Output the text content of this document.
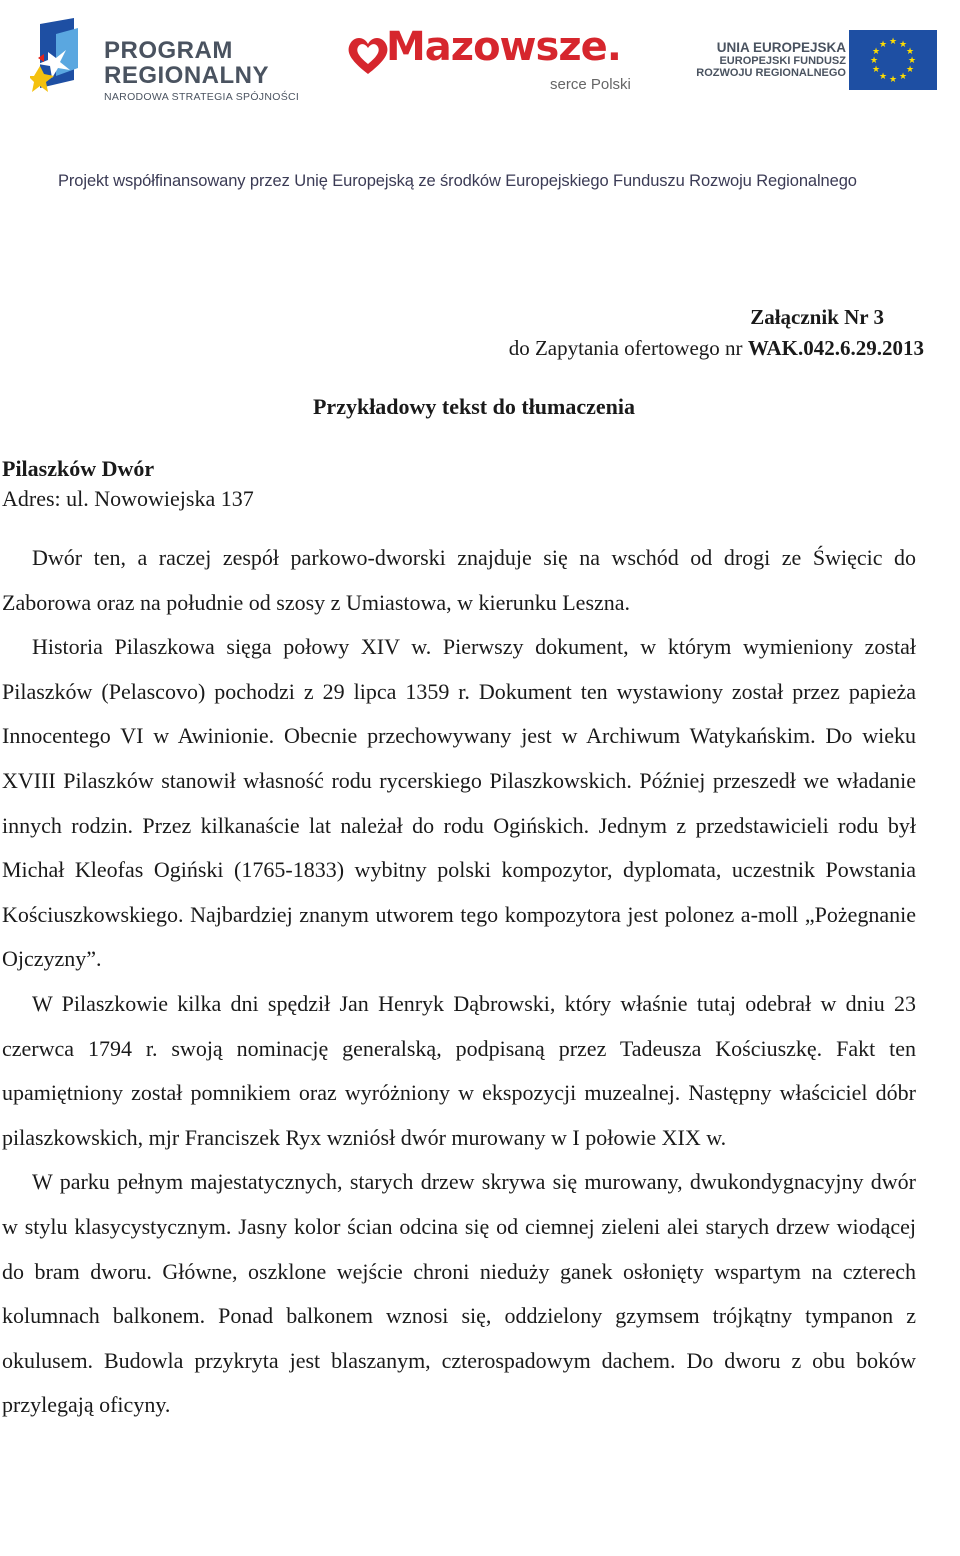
PROGRAM
REGIONALNY
NARODOWA STRATEGIA SPÓJNOŚCI
Mazowsze.
serce Polski
UNIA EUROPEJSKA
EUROPEJSKI FUNDUSZ
ROZWOJU REGIONALNEGO
★ ★
★
★
★
★
★
★
★
★
★
★
Projekt współfinansowany przez Unię Europejską ze środków Europejskiego Funduszu Rozwoju Regionalnego
Załącznik Nr 3
do Zapytania ofertowego nr WAK.042.6.29.2013
Przykładowy tekst do tłumaczenia
Pilaszków Dwór
Adres: ul. Nowowiejska 137

Dwór ten, a raczej zespół parkowo-dworski znajduje się na wschód od drogi ze Święcic do Zaborowa oraz na południe od szosy z Umiastowa, w kierunku Leszna.

Historia Pilaszkowa sięga połowy XIV w. Pierwszy dokument, w którym wymieniony został Pilaszków (Pelascovo) pochodzi z 29 lipca 1359 r. Dokument ten wystawiony został przez papieża Innocentego VI w Awinionie. Obecnie przechowywany jest w Archiwum Watykańskim. Do wieku XVIII Pilaszków stanowił własność rodu rycerskiego Pilaszkowskich. Później przeszedł we władanie innych rodzin. Przez kilkanaście lat należał do rodu Ogińskich. Jednym z przedstawicieli rodu był Michał Kleofas Ogiński (1765-1833) wybitny polski kompozytor, dyplomata, uczestnik Powstania Kościuszkowskiego. Najbardziej znanym utworem tego kompozytora jest polonez a-moll „Pożegnanie Ojczyzny”.

W Pilaszkowie kilka dni spędził Jan Henryk Dąbrowski, który właśnie tutaj odebrał w dniu 23 czerwca 1794 r. swoją nominację generalską, podpisaną przez Tadeusza Kościuszkę. Fakt ten upamiętniony został pomnikiem oraz wyróżniony w ekspozycji muzealnej. Następny właściciel dóbr pilaszkowskich, mjr Franciszek Ryx wzniósł dwór murowany w I połowie XIX w.

W parku pełnym majestatycznych, starych drzew skrywa się murowany, dwukondygnacyjny dwór w stylu klasycystycznym. Jasny kolor ścian odcina się od ciemnej zieleni alei starych drzew wiodącej do bram dworu. Główne, oszklone wejście chroni nieduży ganek osłonięty wspartym na czterech kolumnach balkonem. Ponad balkonem wznosi się, oddzielony gzymsem trójkątny tympanon z okulusem. Budowla przykryta jest blaszanym, czterospadowym dachem. Do dworu z obu boków przylegają oficyny.
